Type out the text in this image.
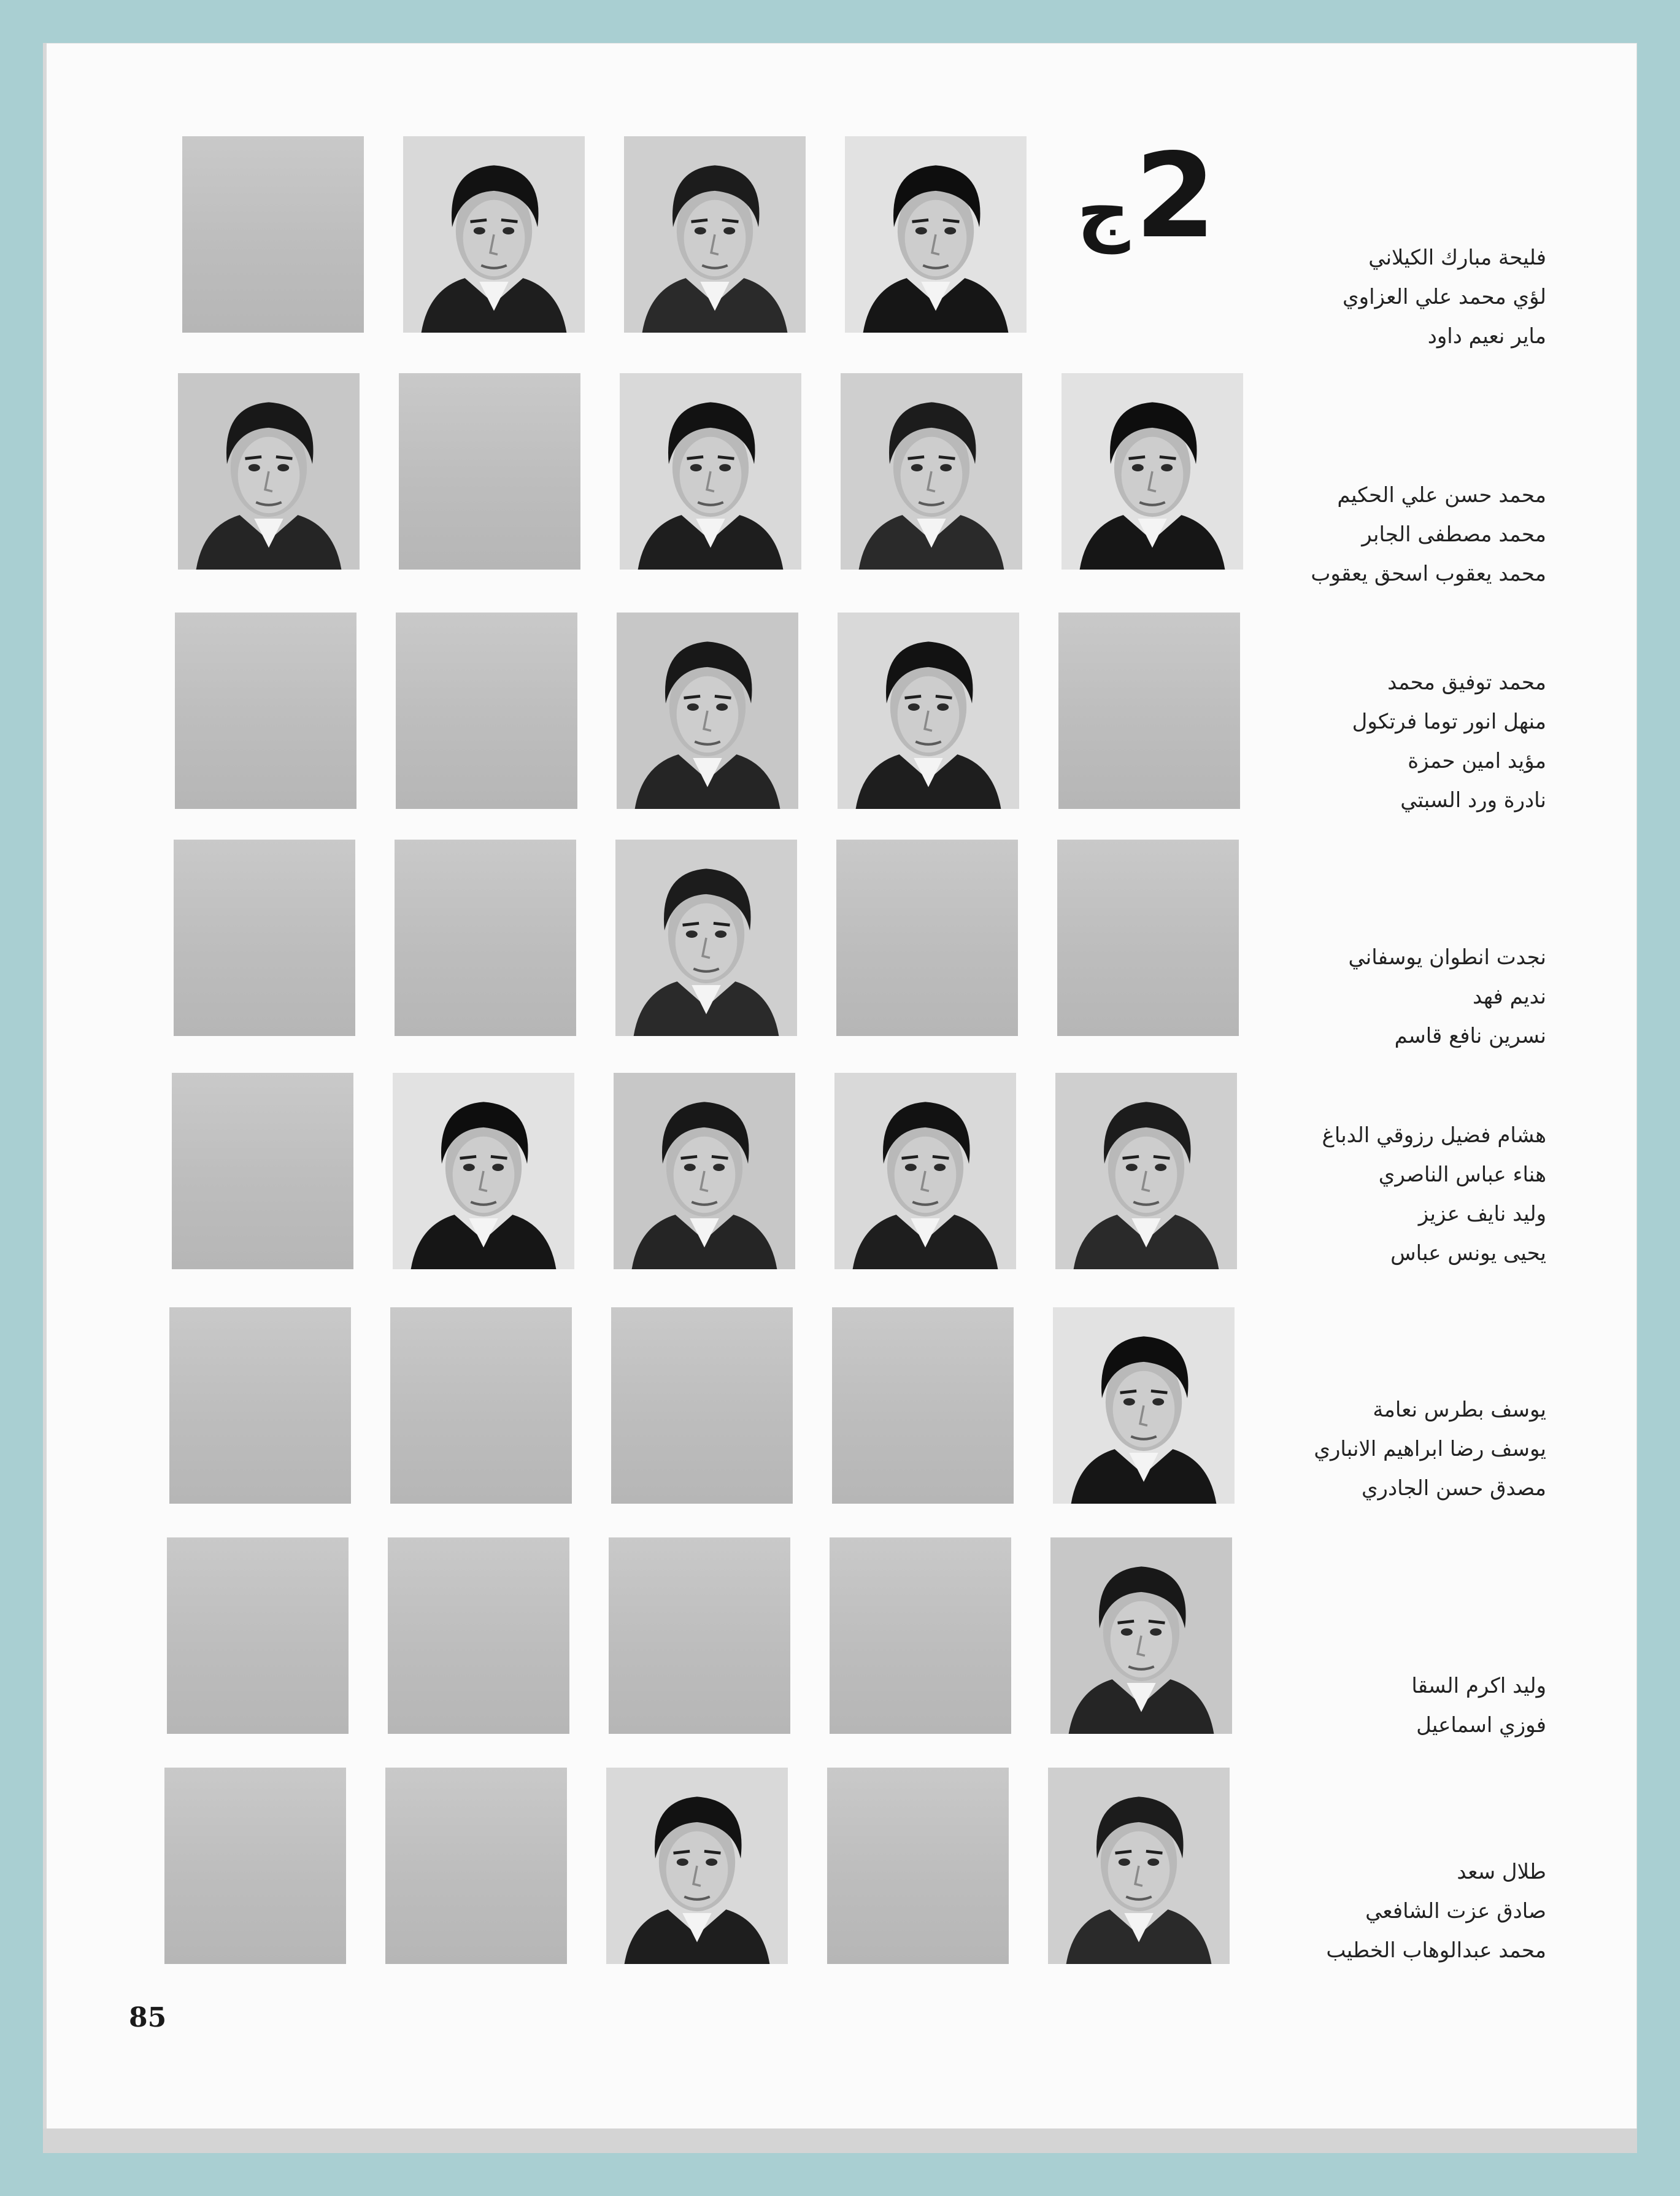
ج 2	فليحة مبارك الكيلاني
لؤي محمد علي العزاوي
ماير نعيم داود
محمد حسن علي الحكيم
محمد مصطفى الجابر
محمد يعقوب اسحق يعقوب
محمد توفيق محمد
منهل انور توما فرتكول
مؤيد امين حمزة
نادرة ورد السبتي
نجدت انطوان يوسفاني
نديم فهد
نسرين نافع قاسم
هشام فضيل رزوقي الدباغ
هناء عباس الناصري
وليد نايف عزيز
يحيى يونس عباس
يوسف بطرس نعامة
يوسف رضا ابراهيم الانباري
مصدق حسن الجادري
وليد اكرم السقا
فوزي اسماعيل
طلال سعد
صادق عزت الشافعي
محمد عبدالوهاب الخطيب
85
